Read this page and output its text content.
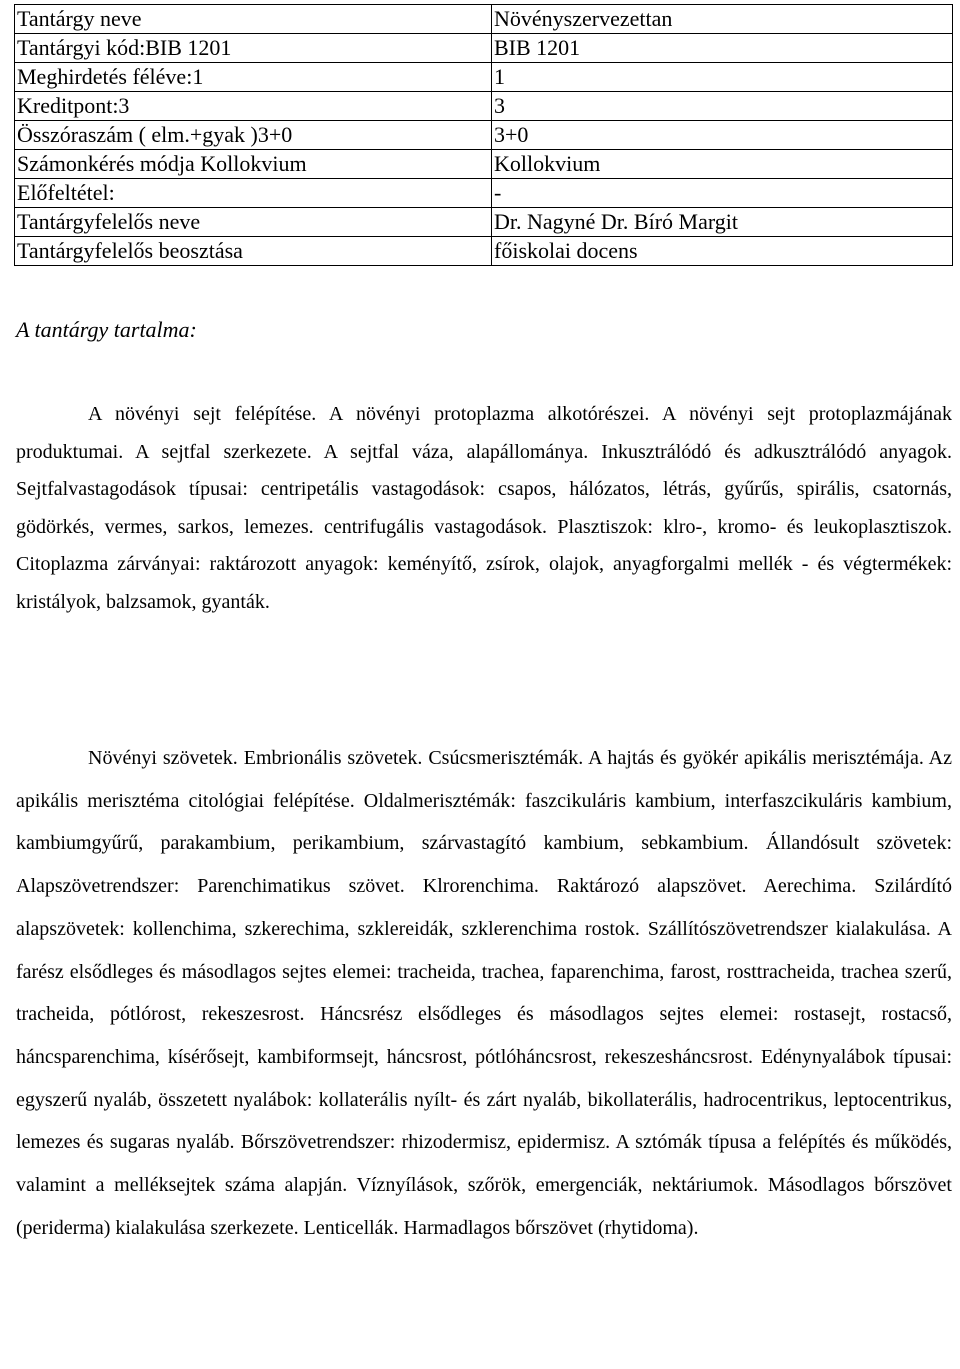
Tantárgy neve	Növényszervezettan
Tantárgyi kód:BIB 1201	BIB 1201
Meghirdetés féléve:1	1
Kreditpont:3	3
Összóraszám ( elm.+gyak )3+0	3+0
Számonkérés módja Kollokvium	Kollokvium
Előfeltétel:	-
Tantárgyfelelős neve	Dr. Nagyné Dr. Bíró Margit
Tantárgyfelelős beosztása	főiskolai docens
A tantárgy tartalma:

A növényi sejt felépítése. A növényi protoplazma alkotórészei. A növényi sejt protoplazmájának produktumai. A sejtfal szerkezete. A sejtfal váza, alapállománya. Inkusztrálódó és adkusztrálódó anyagok. Sejtfalvastagodások típusai: centripetális vastagodások: csapos, hálózatos, létrás, gyűrűs, spirális, csatornás, gödörkés, vermes, sarkos, lemezes. centrifugális vastagodások. Plasztiszok: klro-, kromo- és leukoplasztiszok. Citoplazma zárványai: raktározott anyagok: keményítő, zsírok, olajok, anyagforgalmi mellék - és végtermékek: kristályok, balzsamok, gyanták.

Növényi szövetek. Embrionális szövetek. Csúcsmerisztémák. A hajtás és gyökér apikális merisztémája. Az apikális merisztéma citológiai felépítése. Oldalmerisztémák: faszcikuláris kambium, interfaszcikuláris kambium, kambiumgyűrű, parakambium, perikambium, szárvastagító kambium, sebkambium. Állandósult szövetek: Alapszövetrendszer: Parenchimatikus szövet. Klrorenchima. Raktározó alapszövet. Aerechima. Szilárdító alapszövetek: kollenchima, szkerechima, szklereidák, szklerenchima rostok. Szállítószövetrendszer kialakulása. A farész elsődleges és másodlagos sejtes elemei: tracheida, trachea, faparenchima, farost, rosttracheida, trachea szerű, tracheida, pótlórost, rekeszesrost. Háncsrész elsődleges és másodlagos sejtes elemei: rostasejt, rostacső, háncsparenchima, kísérősejt, kambiformsejt, háncsrost, pótlóháncsrost, rekeszesháncsrost. Edénynyalábok típusai: egyszerű nyaláb, összetett nyalábok: kollaterális nyílt- és zárt nyaláb, bikollaterális, hadrocentrikus, leptocentrikus, lemezes és sugaras nyaláb. Bőrszövetrendszer: rhizodermisz, epidermisz. A sztómák típusa a felépítés és működés, valamint a melléksejtek száma alapján. Víznyílások, szőrök, emergenciák, nektáriumok. Másodlagos bőrszövet (periderma) kialakulása szerkezete. Lenticellák. Harmadlagos bőrszövet (rhytidoma).
